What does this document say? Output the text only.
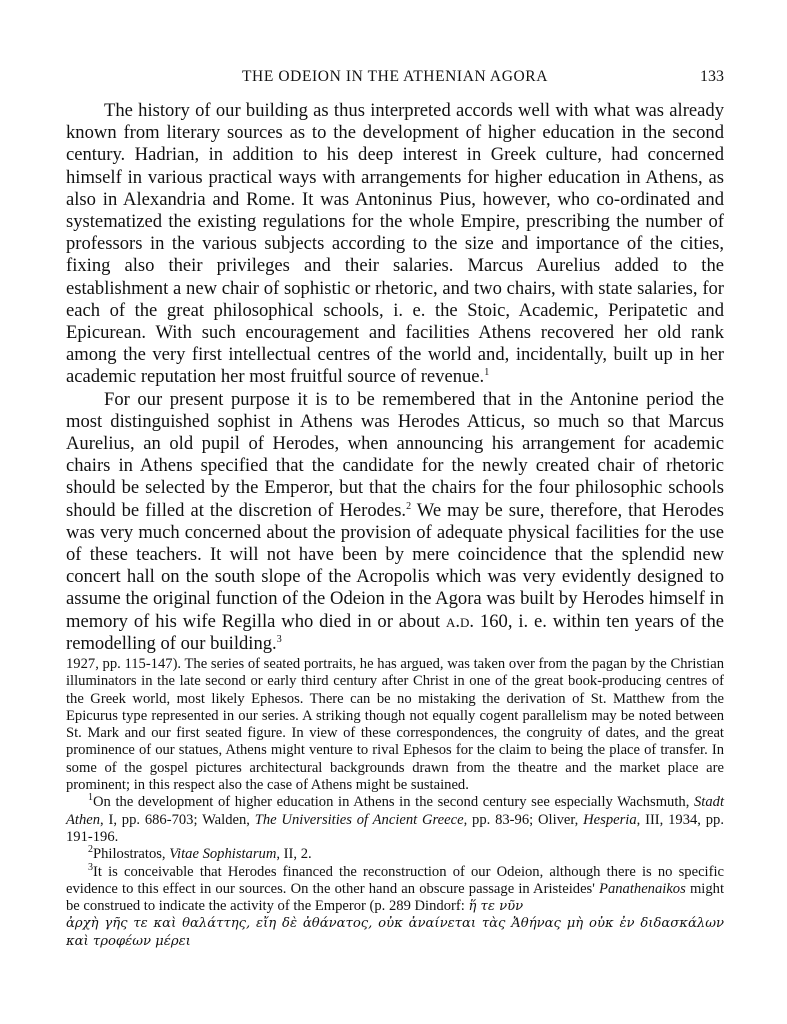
THE ODEION IN THE ATHENIAN AGORA	133

The history of our building as thus interpreted accords well with what was already known from literary sources as to the development of higher education in the second century. Hadrian, in addition to his deep interest in Greek culture, had concerned himself in various practical ways with arrangements for higher education in Athens, as also in Alexandria and Rome. It was Antoninus Pius, however, who co-ordinated and systematized the existing regulations for the whole Empire, prescribing the number of professors in the various subjects according to the size and importance of the cities, fixing also their privileges and their salaries. Marcus Aurelius added to the establishment a new chair of sophistic or rhetoric, and two chairs, with state salaries, for each of the great philosophical schools, i. e. the Stoic, Academic, Peripatetic and Epicurean. With such encouragement and facilities Athens recovered her old rank among the very first intellectual centres of the world and, incidentally, built up in her academic reputation her most fruitful source of revenue.$^1$

For our present purpose it is to be remembered that in the Antonine period the most distinguished sophist in Athens was Herodes Atticus, so much so that Marcus Aurelius, an old pupil of Herodes, when announcing his arrangement for academic chairs in Athens specified that the candidate for the newly created chair of rhetoric should be selected by the Emperor, but that the chairs for the four philosophic schools should be filled at the discretion of Herodes.$^2$ We may be sure, therefore, that Herodes was very much concerned about the provision of adequate physical facilities for the use of these teachers. It will not have been by mere coincidence that the splendid new concert hall on the south slope of the Acropolis which was very evidently designed to assume the original function of the Odeion in the Agora was built by Herodes himself in memory of his wife Regilla who died in or about a.d. 160, i. e. within ten years of the remodelling of our building.$^3$

1927, pp. 115-147). The series of seated portraits, he has argued, was taken over from the pagan by the Christian illuminators in the late second or early third century after Christ in one of the great book-producing centres of the Greek world, most likely Ephesos. There can be no mistaking the derivation of St. Matthew from the Epicurus type represented in our series. A striking though not equally cogent parallelism may be noted between St. Mark and our first seated figure. In view of these correspondences, the congruity of dates, and the great prominence of our statues, Athens might venture to rival Ephesos for the claim to being the place of transfer. In some of the gospel pictures architectural backgrounds drawn from the theatre and the market place are prominent; in this respect also the case of Athens might be sustained.

$^1$On the development of higher education in Athens in the second century see especially Wachsmuth, Stadt Athen, I, pp. 686-703; Walden, The Universities of Ancient Greece, pp. 83-96; Oliver, Hesperia, III, 1934, pp. 191-196.

$^2$Philostratos, Vitae Sophistarum, II, 2.

$^3$It is conceivable that Herodes financed the reconstruction of our Odeion, although there is no specific evidence to this effect in our sources. On the other hand an obscure passage in Aristeides' Panathenaikos might be construed to indicate the activity of the Emperor (p. 289 Dindorf: ἥ τε νῦν

ἀρχὴ γῆς τε καὶ θαλάττης, εἴη δὲ ἀθάνατος, οὐκ ἀναίνεται τὰς Ἀθήνας μὴ οὐκ ἐν διδασκάλων καὶ τροφέων μέρει
